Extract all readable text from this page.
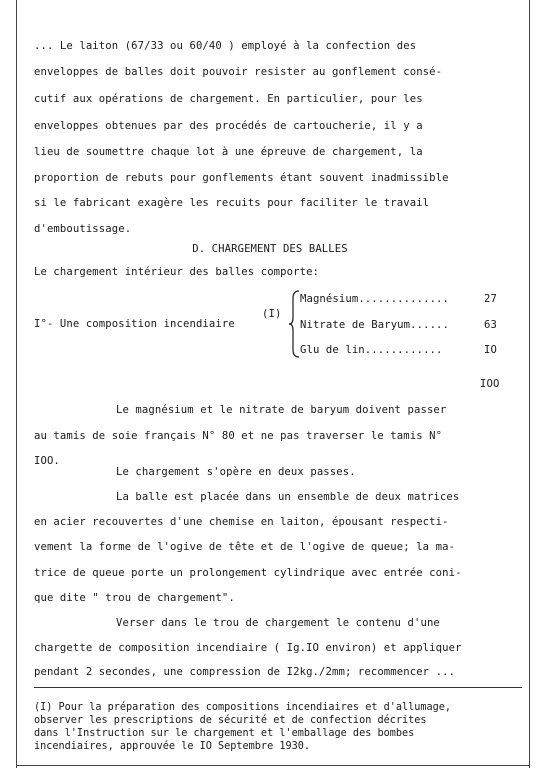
... Le laiton (67/33 ou 60/40 ) employé à la confection des
enveloppes de balles doit pouvoir resister au gonflement consé-
cutif aux opérations de chargement. En particulier, pour les
enveloppes obtenues par des procédés de cartoucherie, il y a
lieu de soumettre chaque lot à une épreuve de chargement, la
proportion de rebuts pour gonflements étant souvent inadmissible
si le fabricant exagère les recuits pour faciliter le travail
d'emboutissage.
D. CHARGEMENT DES BALLES
Le chargement intérieur des balles comporte:
I°- Une composition incendiaire
(I)
Magnésium..............	27
Nitrate de Baryum......	63
Glu de lin............	IO
IOO
Le magnésium et le nitrate de baryum doivent passer
au tamis de soie français N° 80 et ne pas traverser le tamis N°
IOO.
Le chargement s'opère en deux passes.
La balle est placée dans un ensemble de deux matrices
en acier recouvertes d'une chemise en laiton, épousant respecti-
vement la forme de l'ogive de tête et de l'ogive de queue; la ma-
trice de queue porte un prolongement cylindrique avec entrée coni-
que dite " trou de chargement".
Verser dans le trou de chargement le contenu d'une
chargette de composition incendiaire ( Ig.IO environ) et appliquer
pendant 2 secondes, une compression de I2kg./2mm; recommencer ...
(I) Pour la préparation des compositions incendiaires et d'allumage,
observer les prescriptions de sécurité et de confection décrites
dans l'Instruction sur le chargement et l'emballage des bombes
incendiaires, approuvée le IO Septembre 1930.
